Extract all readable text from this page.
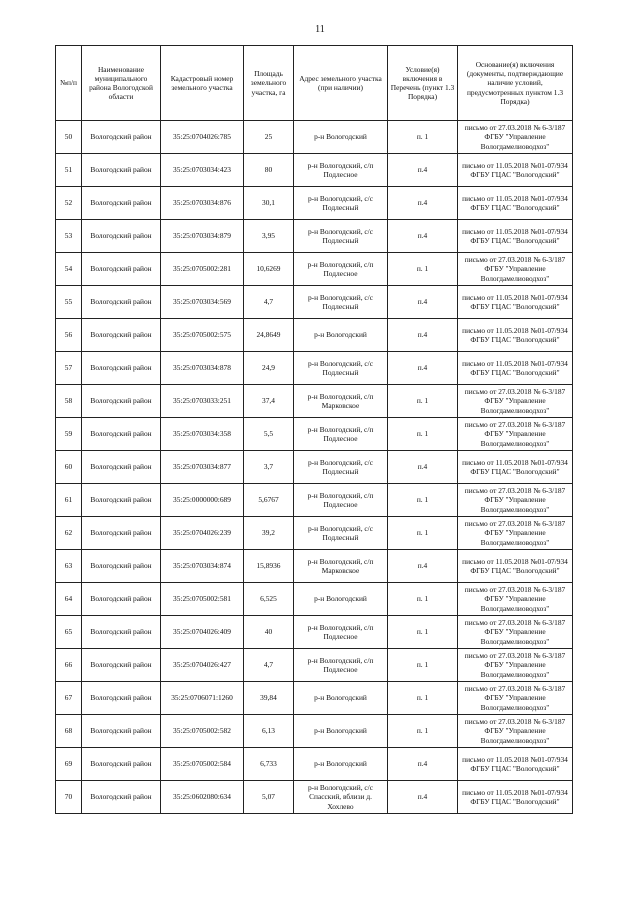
11
№п/п	Наименование муниципального района Вологодской области	Кадастровый номер земельного участка	Площадь земельного участка, га	Адрес земельного участка (при наличии)	Условие(я) включения в Перечень (пункт 1.3 Порядка)	Основание(я) включения (документы, подтверждающие наличие условий, предусмотренных пунктом 1.3 Порядка)
50	Вологодский район	35:25:0704026:785	25	р-н Вологодский	п. 1	письмо от 27.03.2018 № 6-3/187 ФГБУ "Управление Вологдамелиоводхоз"
51	Вологодский район	35:25:0703034:423	80	р-н Вологодский, с/п Подлесное	п.4	письмо от 11.05.2018 №01-07/934 ФГБУ ГЦАС "Вологодский"
52	Вологодский район	35:25:0703034:876	30,1	р-н Вологодский, с/с Подлесный	п.4	письмо от 11.05.2018 №01-07/934 ФГБУ ГЦАС "Вологодский"
53	Вологодский район	35:25:0703034:879	3,95	р-н Вологодский, с/с Подлесный	п.4	письмо от 11.05.2018 №01-07/934 ФГБУ ГЦАС "Вологодский"
54	Вологодский район	35:25:0705002:281	10,6269	р-н Вологодский, с/п Подлесное	п. 1	письмо от 27.03.2018 № 6-3/187 ФГБУ "Управление Вологдамелиоводхоз"
55	Вологодский район	35:25:0703034:569	4,7	р-н Вологодский, с/с Подлесный	п.4	письмо от 11.05.2018 №01-07/934 ФГБУ ГЦАС "Вологодский"
56	Вологодский район	35:25:0705002:575	24,8649	р-н Вологодский	п.4	письмо от 11.05.2018 №01-07/934 ФГБУ ГЦАС "Вологодский"
57	Вологодский район	35:25:0703034:878	24,9	р-н Вологодский, с/с Подлесный	п.4	письмо от 11.05.2018 №01-07/934 ФГБУ ГЦАС "Вологодский"
58	Вологодский район	35:25:0703033:251	37,4	р-н Вологодский, с/п Марковское	п. 1	письмо от 27.03.2018 № 6-3/187 ФГБУ "Управление Вологдамелиоводхоз"
59	Вологодский район	35:25:0703034:358	5,5	р-н Вологодский, с/п Подлесное	п. 1	письмо от 27.03.2018 № 6-3/187 ФГБУ "Управление Вологдамелиоводхоз"
60	Вологодский район	35:25:0703034:877	3,7	р-н Вологодский, с/с Подлесный	п.4	письмо от 11.05.2018 №01-07/934 ФГБУ ГЦАС "Вологодский"
61	Вологодский район	35:25:0000000:689	5,6767	р-н Вологодский, с/п Подлесное	п. 1	письмо от 27.03.2018 № 6-3/187 ФГБУ "Управление Вологдамелиоводхоз"
62	Вологодский район	35:25:0704026:239	39,2	р-н Вологодский, с/с Подлесный	п. 1	письмо от 27.03.2018 № 6-3/187 ФГБУ "Управление Вологдамелиоводхоз"
63	Вологодский район	35:25:0703034:874	15,8936	р-н Вологодский, с/п Марковское	п.4	письмо от 11.05.2018 №01-07/934 ФГБУ ГЦАС "Вологодский"
64	Вологодский район	35:25:0705002:581	6,525	р-н Вологодский	п. 1	письмо от 27.03.2018 № 6-3/187 ФГБУ "Управление Вологдамелиоводхоз"
65	Вологодский район	35:25:0704026:409	40	р-н Вологодский, с/п Подлесное	п. 1	письмо от 27.03.2018 № 6-3/187 ФГБУ "Управление Вологдамелиоводхоз"
66	Вологодский район	35:25:0704026:427	4,7	р-н Вологодский, с/п Подлесное	п. 1	письмо от 27.03.2018 № 6-3/187 ФГБУ "Управление Вологдамелиоводхоз"
67	Вологодский район	35:25:0706071:1260	39,84	р-н Вологодский	п. 1	письмо от 27.03.2018 № 6-3/187 ФГБУ "Управление Вологдамелиоводхоз"
68	Вологодский район	35:25:0705002:582	6,13	р-н Вологодский	п. 1	письмо от 27.03.2018 № 6-3/187 ФГБУ "Управление Вологдамелиоводхоз"
69	Вологодский район	35:25:0705002:584	6,733	р-н Вологодский	п.4	письмо от 11.05.2018 №01-07/934 ФГБУ ГЦАС "Вологодский"
70	Вологодский район	35:25:0602080:634	5,07	р-н Вологодский, с/с Спасский, вблизи д. Хохлево	п.4	письмо от 11.05.2018 №01-07/934 ФГБУ ГЦАС "Вологодский"
